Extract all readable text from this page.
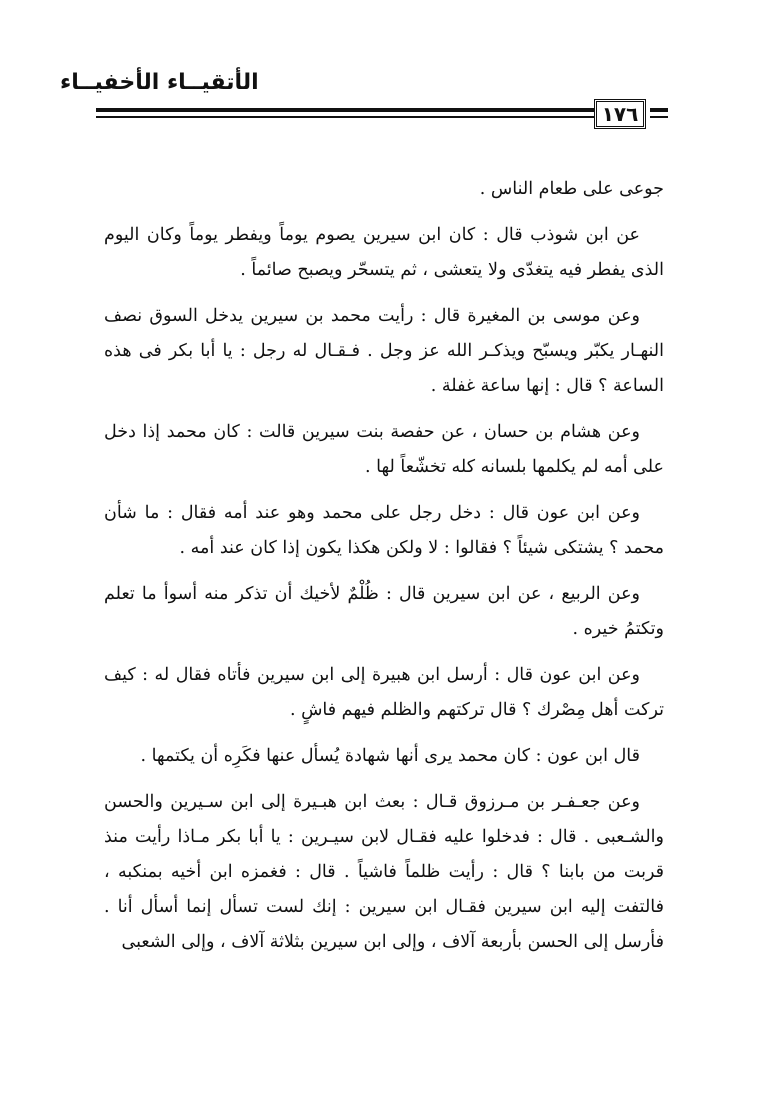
الأتقيــاء الأخفيــاء
١٧٦

جوعى على طعام الناس .

عن ابن شوذب قال : كان ابن سيرين يصوم يوماً ويفطر يوماً وكان اليوم الذى يفطر فيه يتغدّى ولا يتعشى ، ثم يتسحّر ويصبح صائماً .

وعن موسى بن المغيرة قال : رأيت محمد بن سيرين يدخل السوق نصف النهـار يكبّر ويسبّح ويذكـر الله عز وجل . فـقـال له رجل : يا أبا بكر فى هذه الساعة ؟ قال : إنها ساعة غفلة .

وعن هشام بن حسان ، عن حفصة بنت سيرين قالت : كان محمد إذا دخل على أمه لم يكلمها بلسانه كله تخشّعاً لها .

وعن ابن عون قال : دخل رجل على محمد وهو عند أمه فقال : ما شأن محمد ؟ يشتكى شيئاً ؟ فقالوا : لا ولكن هكذا يكون إذا كان عند أمه .

وعن الربيع ، عن ابن سيرين قال : ظُلْمٌ لأخيك أن تذكر منه أسوأ ما تعلم وتكتمُ خيره .

وعن ابن عون قال : أرسل ابن هبيرة إلى ابن سيرين فأتاه فقال له : كيف تركت أهل مِصْرك ؟ قال تركتهم والظلم فيهم فاشٍ .

قال ابن عون : كان محمد يرى أنها شهادة يُسأل عنها فكَرِه أن يكتمها .

وعن جعـفـر بن مـرزوق قـال : بعث ابن هبـيرة إلى ابن سـيرين والحسن والشـعبى . قال : فدخلوا عليه فقـال لابن سيـرين : يا أبا بكر مـاذا رأيت منذ قربت من بابنا ؟ قال : رأيت ظلماً فاشياً . قال : فغمزه ابن أخيه بمنكبه ، فالتفت إليه ابن سيرين فقـال ابن سيرين : إنك لست تسأل إنما أسأل أنا . فأرسل إلى الحسن بأربعة آلاف ، وإلى ابن سيرين بثلاثة آلاف ، وإلى الشعبى
